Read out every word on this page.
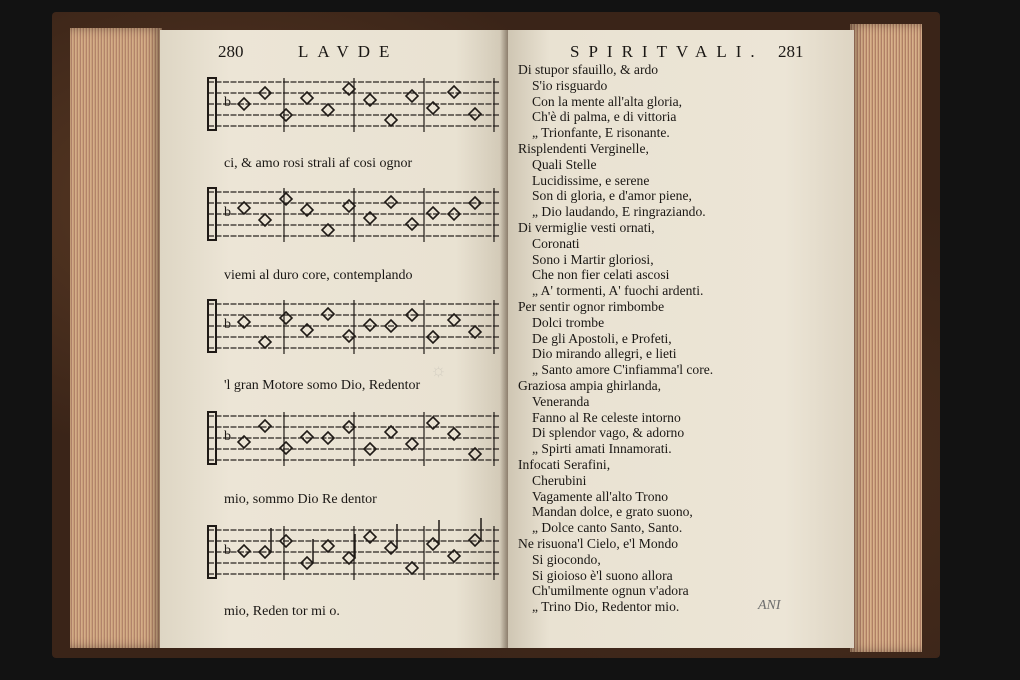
280	LAVDE
b
ci, & amo rosi strali af cosi ognor
b
viemi al duro core, contemplando
b
'l gran Motore somo Dio, Redentor
b
mio, sommo Dio Re dentor
b
mio, Reden tor mi o.
SPIRITVALI. 281
Di stupor sfauillo, & ardo
S'io risguardo
Con la mente all'alta gloria,
Ch'è di palma, e di vittoria
„ Trionfante, E risonante.
Risplendenti Verginelle,
Quali Stelle
Lucidissime, e serene
Son di gloria, e d'amor piene,
„ Dio laudando, E ringraziando.
Di vermiglie vesti ornati,
Coronati
Sono i Martir gloriosi,
Che non fier celati ascosi
„ A' tormenti, A' fuochi ardenti.
Per sentir ognor rimbombe
Dolci trombe
De gli Apostoli, e Profeti,
Dio mirando allegri, e lieti
„ Santo amore C'infiamma'l core.
Graziosa ampia ghirlanda,
Veneranda
Fanno al Re celeste intorno
Di splendor vago, & adorno
„ Spirti amati Innamorati.
Infocati Serafini,
Cherubini
Vagamente all'alto Trono
Mandan dolce, e grato suono,
„ Dolce canto Santo, Santo.
Ne risuona'l Cielo, e'l Mondo
Si giocondo,
Si gioioso è'l suono allora
Ch'umilmente ognun v'adora
„ Trino Dio, Redentor mio.	ANI
☼
